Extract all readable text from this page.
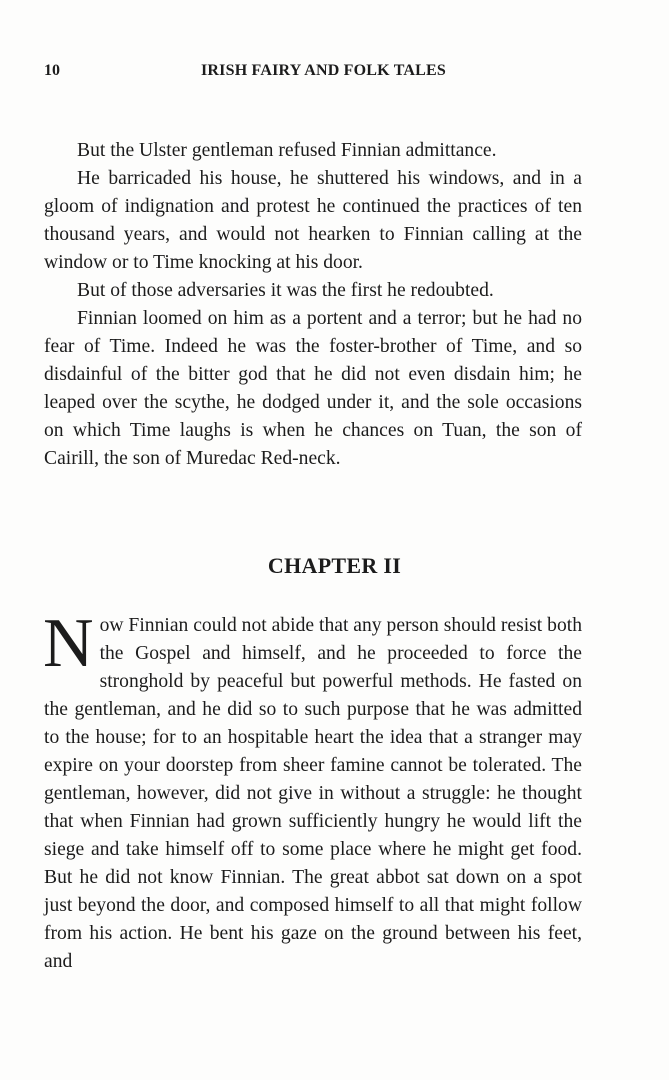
10	IRISH FAIRY AND FOLK TALES

But the Ulster gentleman refused Finnian admittance.

He barricaded his house, he shuttered his windows, and in a gloom of indignation and protest he continued the practices of ten thousand years, and would not hearken to Finnian calling at the window or to Time knocking at his door.

But of those adversaries it was the first he redoubted.

Finnian loomed on him as a portent and a terror; but he had no fear of Time. Indeed he was the foster-brother of Time, and so disdainful of the bitter god that he did not even disdain him; he leaped over the scythe, he dodged under it, and the sole occasions on which Time laughs is when he chances on Tuan, the son of Cairill, the son of Muredac Red-neck.

CHAPTER II

Now Finnian could not abide that any person should resist both the Gospel and himself, and he proceeded to force the stronghold by peaceful but powerful methods. He fasted on the gentleman, and he did so to such purpose that he was admitted to the house; for to an hospitable heart the idea that a stranger may expire on your doorstep from sheer famine cannot be tolerated. The gentleman, however, did not give in without a struggle: he thought that when Finnian had grown sufficiently hungry he would lift the siege and take himself off to some place where he might get food. But he did not know Finnian. The great abbot sat down on a spot just beyond the door, and composed himself to all that might follow from his action. He bent his gaze on the ground between his feet, and
